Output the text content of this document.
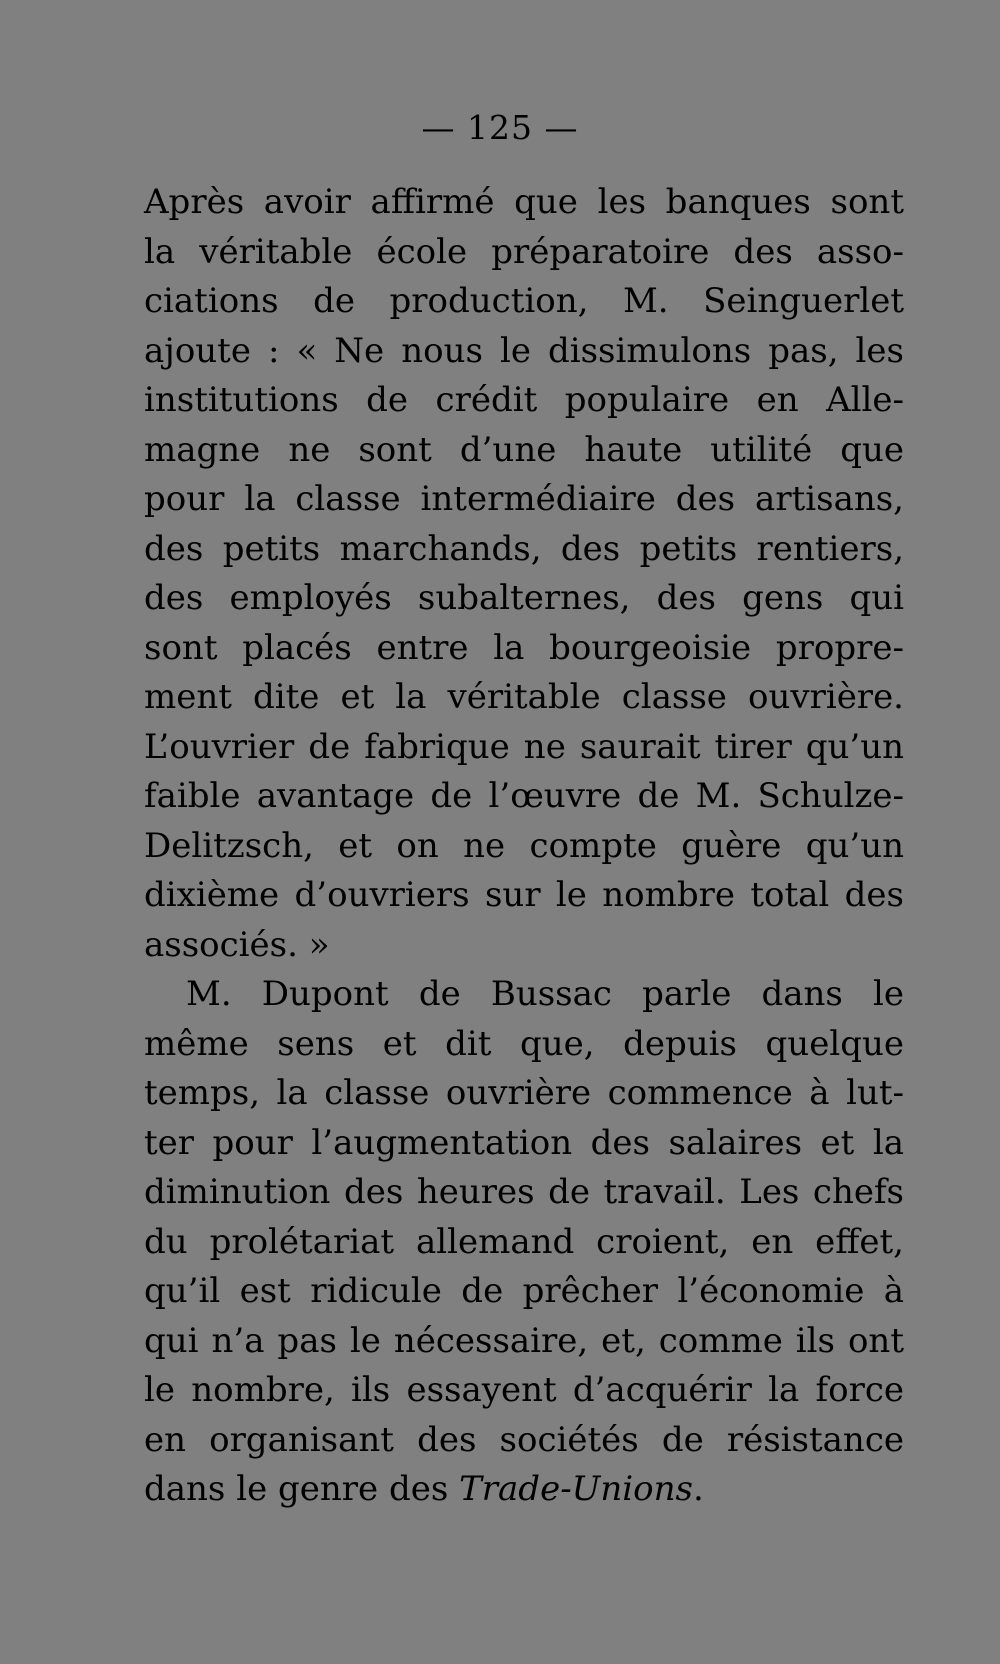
— 125 —
Après avoir affirmé que les banques sont
la véritable école préparatoire des asso-
ciations de production, M. Seinguerlet
ajoute : « Ne nous le dissimulons pas, les
institutions de crédit populaire en Alle-
magne ne sont d’une haute utilité que
pour la classe intermédiaire des artisans,
des petits marchands, des petits rentiers,
des employés subalternes, des gens qui
sont placés entre la bourgeoisie propre-
ment dite et la véritable classe ouvrière.
L’ouvrier de fabrique ne saurait tirer qu’un
faible avantage de l’œuvre de M. Schulze-
Delitzsch, et on ne compte guère qu’un
dixième d’ouvriers sur le nombre total des
associés. »
M. Dupont de Bussac parle dans le
même sens et dit que, depuis quelque
temps, la classe ouvrière commence à lut-
ter pour l’augmentation des salaires et la
diminution des heures de travail. Les chefs
du prolétariat allemand croient, en effet,
qu’il est ridicule de prêcher l’économie à
qui n’a pas le nécessaire, et, comme ils ont
le nombre, ils essayent d’acquérir la force
en organisant des sociétés de résistance
dans le genre des Trade-Unions.
